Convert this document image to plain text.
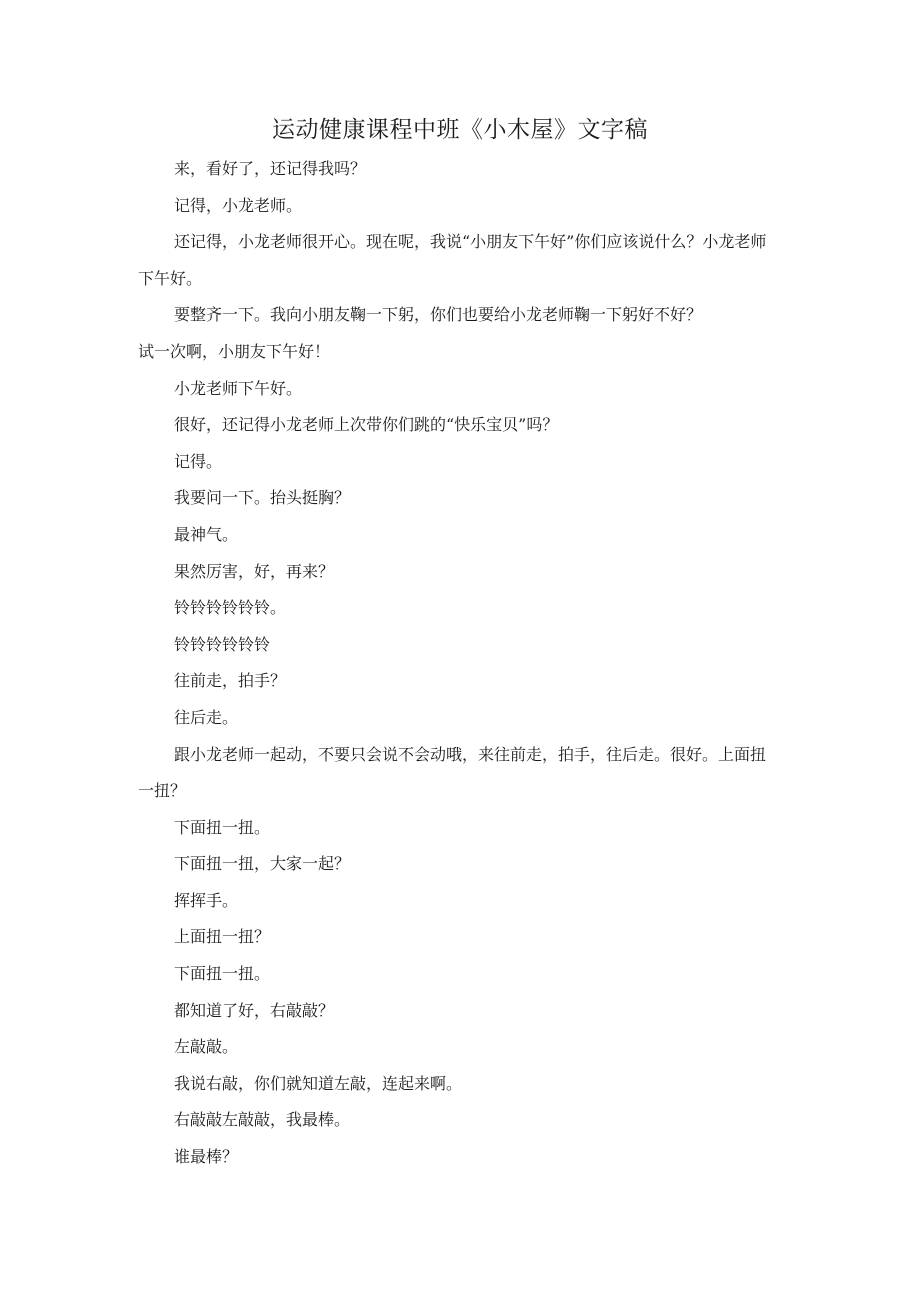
运动健康课程中班《小木屋》文字稿

来，看好了，还记得我吗？

记得，小龙老师。

还记得，小龙老师很开心。现在呢，我说“小朋友下午好”你们应该说什么？小龙老师下午好。

要整齐一下。我向小朋友鞠一下躬，你们也要给小龙老师鞠一下躬好不好？

试一次啊，小朋友下午好！

小龙老师下午好。

很好，还记得小龙老师上次带你们跳的“快乐宝贝”吗？

记得。

我要问一下。抬头挺胸？

最神气。

果然厉害，好，再来？

铃铃铃铃铃铃。

铃铃铃铃铃铃

往前走，拍手？

往后走。

跟小龙老师一起动，不要只会说不会动哦，来往前走，拍手，往后走。很好。上面扭一扭？

下面扭一扭。

下面扭一扭，大家一起？

挥挥手。

上面扭一扭？

下面扭一扭。

都知道了好，右敲敲？

左敲敲。

我说右敲，你们就知道左敲，连起来啊。

右敲敲左敲敲，我最棒。

谁最棒？
